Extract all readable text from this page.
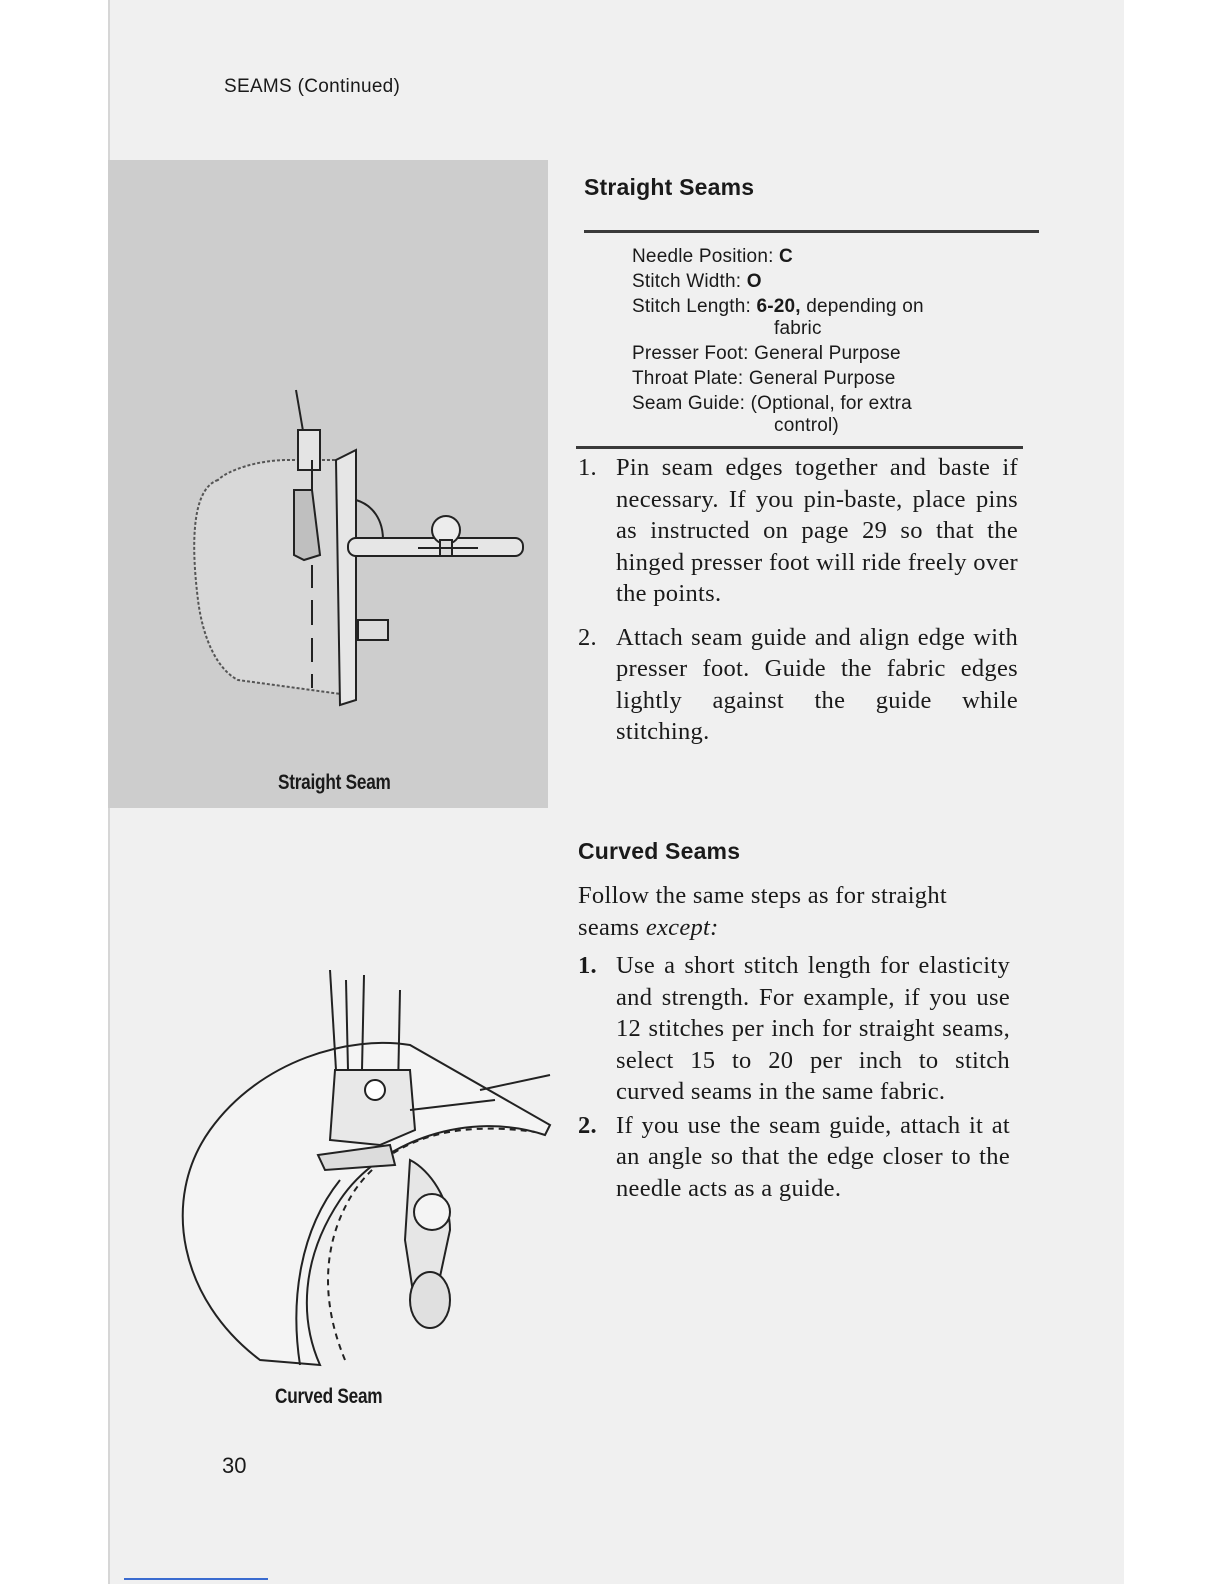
SEAMS (Continued)
Straight Seam
Curved Seam
Straight Seams
Needle Position: C
Stitch Width: O
Stitch Length: 6-20, depending on
fabric
Presser Foot: General Purpose
Throat Plate: General Purpose
Seam Guide: (Optional, for extra
control)
1. Pin seam edges together and baste if necessary. If you pin-baste, place pins as instructed on page 29 so that the hinged presser foot will ride freely over the points.
2. Attach seam guide and align edge with presser foot. Guide the fabric edges lightly against the guide while stitching.
Curved Seams
Follow the same steps as for straight seams except:
1. Use a short stitch length for elasticity and strength. For example, if you use 12 stitches per inch for straight seams, select 15 to 20 per inch to stitch curved seams in the same fabric.
2. If you use the seam guide, attach it at an angle so that the edge closer to the needle acts as a guide.
30
